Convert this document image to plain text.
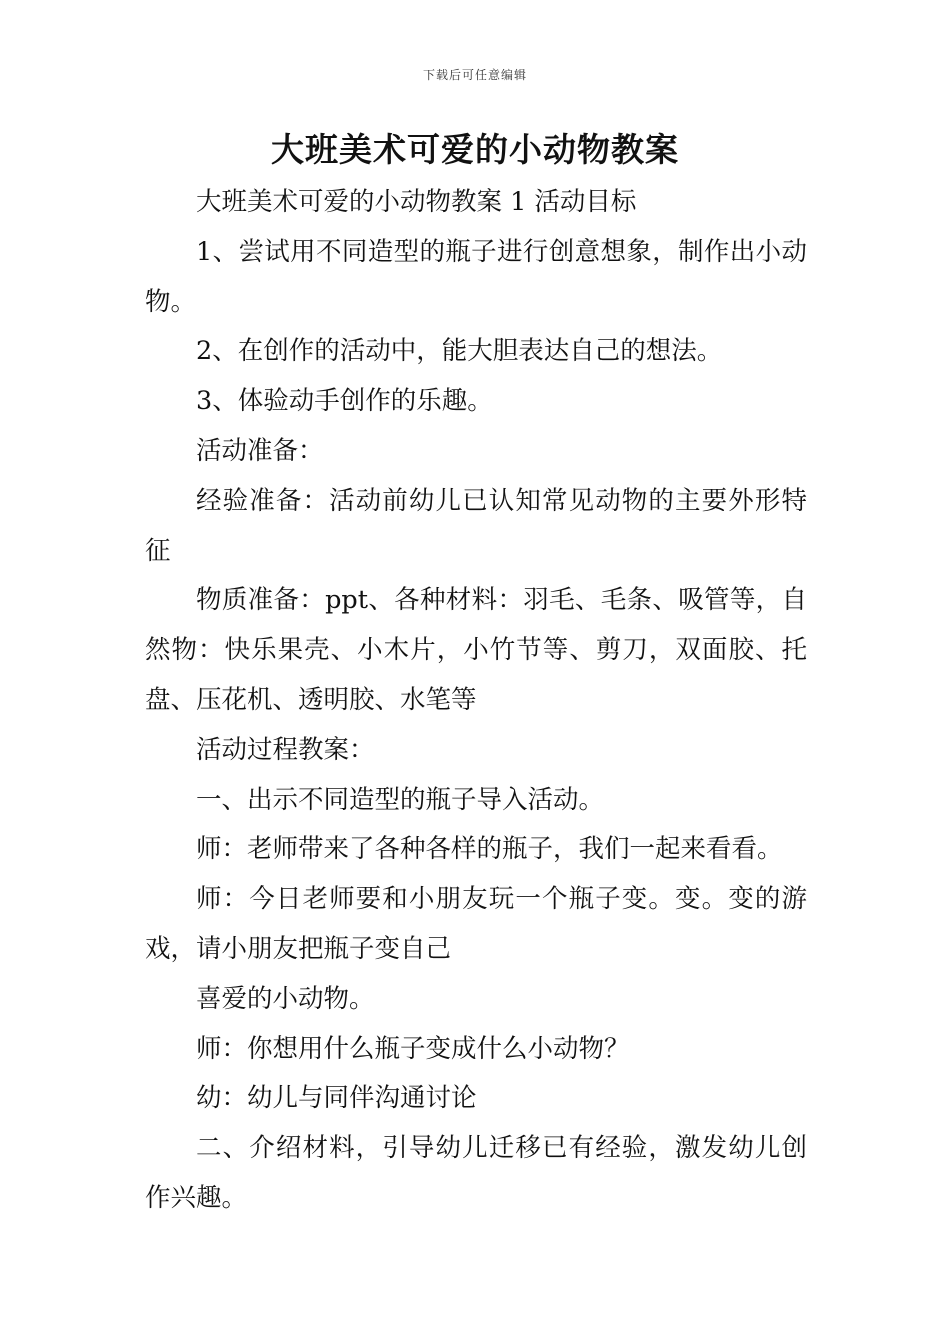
下载后可任意编辑
大班美术可爱的小动物教案

大班美术可爱的小动物教案 1 活动目标

1、尝试用不同造型的瓶子进行创意想象，制作出小动物。

2、在创作的活动中，能大胆表达自己的想法。

3、体验动手创作的乐趣。

活动准备：

经验准备：活动前幼儿已认知常见动物的主要外形特征

物质准备：ppt、各种材料：羽毛、毛条、吸管等，自然物：快乐果壳、小木片，小竹节等、剪刀，双面胶、托盘、压花机、透明胶、水笔等

活动过程教案：

一、出示不同造型的瓶子导入活动。

师：老师带来了各种各样的瓶子，我们一起来看看。

师：今日老师要和小朋友玩一个瓶子变。变。变的游戏，请小朋友把瓶子变自己

喜爱的小动物。

师：你想用什么瓶子变成什么小动物？

幼：幼儿与同伴沟通讨论

二、介绍材料，引导幼儿迁移已有经验，激发幼儿创作兴趣。
